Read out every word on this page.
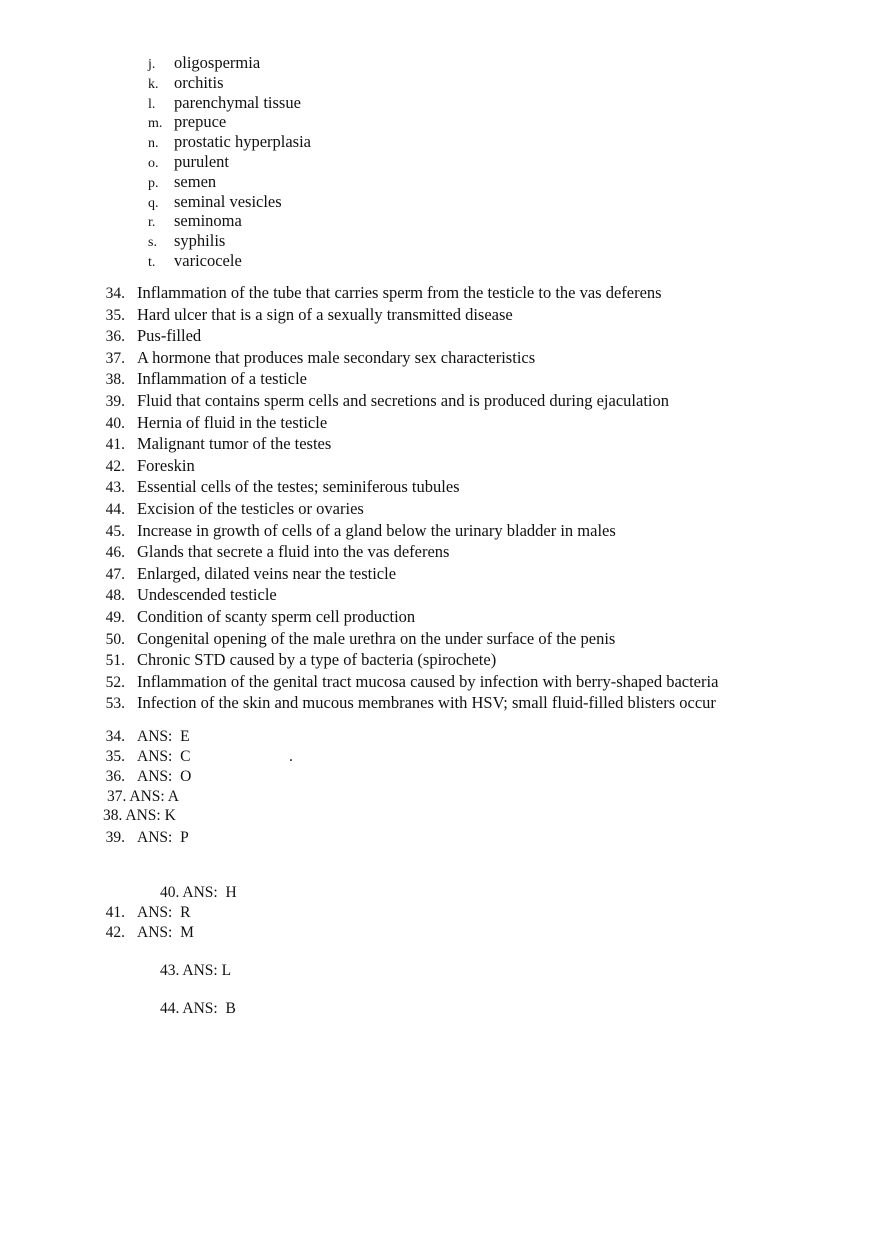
j.	oligospermia
k. orchitis
l.	parenchymal tissue
m. prepuce
n. prostatic hyperplasia
o. purulent
p. semen
q. seminal vesicles
r.	seminoma
s.	syphilis
t.	varicocele
34. Inflammation of the tube that carries sperm from the testicle to the vas deferens
35. Hard ulcer that is a sign of a sexually transmitted disease
36. Pus-filled
37. A hormone that produces male secondary sex characteristics
38. Inflammation of a testicle
39. Fluid that contains sperm cells and secretions and is produced during ejaculation
40. Hernia of fluid in the testicle
41. Malignant tumor of the testes
42. Foreskin
43. Essential cells of the testes; seminiferous tubules
44. Excision of the testicles or ovaries
45. Increase in growth of cells of a gland below the urinary bladder in males
46. Glands that secrete a fluid into the vas deferens
47. Enlarged, dilated veins near the testicle
48. Undescended testicle
49. Condition of scanty sperm cell production
50. Congenital opening of the male urethra on the under surface of the penis
51. Chronic STD caused by a type of bacteria (spirochete)
52. Inflammation of the genital tract mucosa caused by infection with berry-shaped bacteria
53. Infection of the skin and mucous membranes with HSV; small fluid-filled blisters occur
34. ANS:  E
35. ANS:  C	.
36. ANS:  O
37. ANS: A
38. ANS: K
39. ANS:  P
40. ANS:  H
41. ANS:  R
42. ANS:  M
43. ANS: L
44. ANS:  B
